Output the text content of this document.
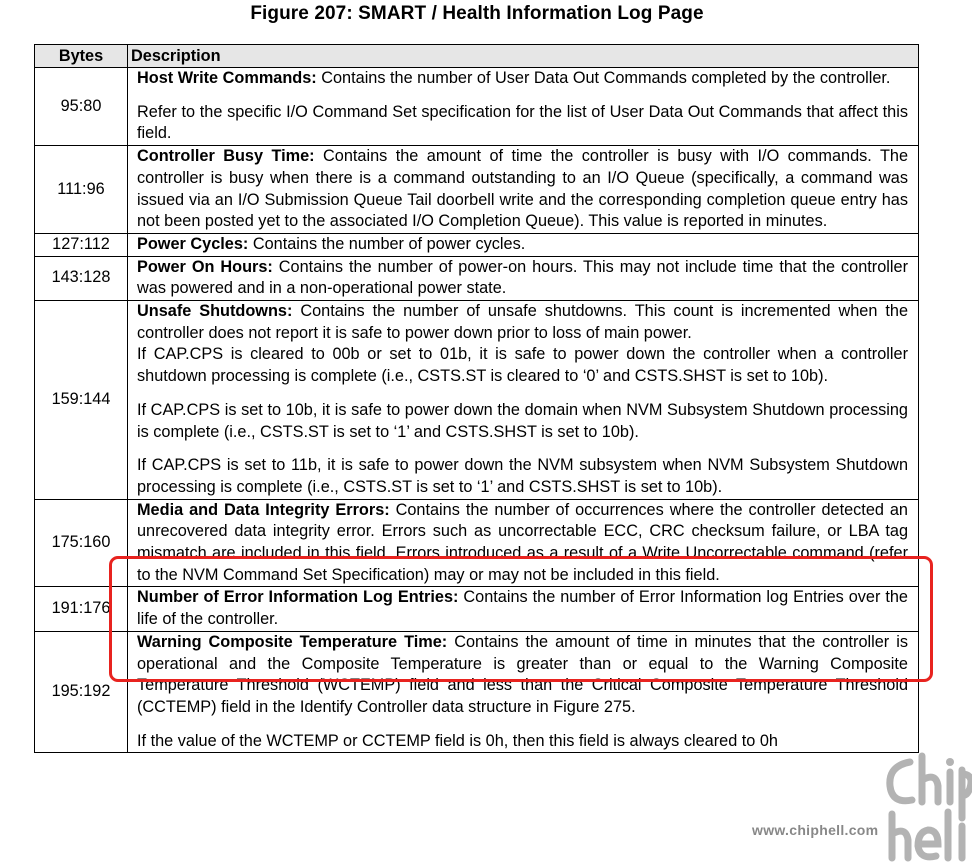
Figure 207: SMART / Health Information Log Page
Bytes	Description
95:80	Host Write Commands: Contains the number of User Data Out Commands completed by the controller.

Refer to the specific I/O Command Set specification for the list of User Data Out Commands that affect this field.

111:96	Controller Busy Time: Contains the amount of time the controller is busy with I/O commands. The controller is busy when there is a command outstanding to an I/O Queue (specifically, a command was issued via an I/O Submission Queue Tail doorbell write and the corresponding completion queue entry has not been posted yet to the associated I/O Completion Queue). This value is reported in minutes.

127:112	Power Cycles: Contains the number of power cycles.

143:128	Power On Hours: Contains the number of power-on hours. This may not include time that the controller was powered and in a non-operational power state.

159:144	Unsafe Shutdowns: Contains the number of unsafe shutdowns. This count is incremented when the controller does not report it is safe to power down prior to loss of main power.

If CAP.CPS is cleared to 00b or set to 01b, it is safe to power down the controller when a controller shutdown processing is complete (i.e., CSTS.ST is cleared to ‘0’ and CSTS.SHST is set to 10b).

If CAP.CPS is set to 10b, it is safe to power down the domain when NVM Subsystem Shutdown processing is complete (i.e., CSTS.ST is set to ‘1’ and CSTS.SHST is set to 10b).

If CAP.CPS is set to 11b, it is safe to power down the NVM subsystem when NVM Subsystem Shutdown processing is complete (i.e., CSTS.ST is set to ‘1’ and CSTS.SHST is set to 10b).

175:160	Media and Data Integrity Errors: Contains the number of occurrences where the controller detected an unrecovered data integrity error. Errors such as uncorrectable ECC, CRC checksum failure, or LBA tag mismatch are included in this field. Errors introduced as a result of a Write Uncorrectable command (refer to the NVM Command Set Specification) may or may not be included in this field.

191:176	Number of Error Information Log Entries: Contains the number of Error Information log Entries over the life of the controller.

195:192	Warning Composite Temperature Time: Contains the amount of time in minutes that the controller is operational and the Composite Temperature is greater than or equal to the Warning Composite Temperature Threshold (WCTEMP) field and less than the Critical Composite Temperature Threshold (CCTEMP) field in the Identify Controller data structure in Figure 275.

If the value of the WCTEMP or CCTEMP field is 0h, then this field is always cleared to 0h

www.chiphell.com
